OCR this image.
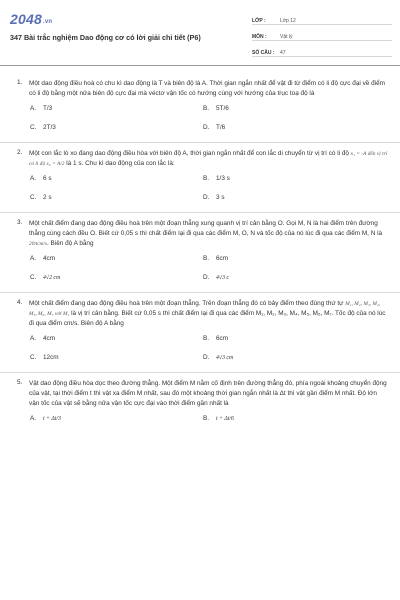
2048.vn
347 Bài trắc nghiệm Dao động cơ có lời giải chi tiết (P6)
LỚP :	Lớp 12
MÔN :	Vật lý
SỐ CÂU :	47
1. Một dao động điều hoà có chu kì dao động là T và biên độ là A. Thời gian ngắn nhất để vật đi từ điểm có li độ cực đại về điểm có li độ bằng một nửa biên độ cực đại mà véctơ vận tốc có hướng cùng với hướng của trục toạ độ là
A. T/3	B. 5T/6
C. 2T/3	D. T/6
2. Một con lắc lò xo đang dao động điều hòa với biên độ A, thời gian ngắn nhất để con lắc di chuyển từ vị trí có li độ x₁ = -A đến vị trí có li độ x₂ = A/2 là 1 s. Chu kì dao động của con lắc là:
A. 6 s	B. 1/3 s
C. 2 s	D. 3 s
3. Một chất điểm đang dao động điều hoà trên một đoạn thẳng xung quanh vị trí cân bằng O. Gọi M, N là hai điểm trên đường thẳng cùng cách đều O. Biết cứ 0,05 s thì chất điểm lại đi qua các điểm M, O, N và tốc độ của nó lúc đi qua các điểm M, N là 20πcm/s. Biên độ A bằng
A. 4cm	B. 6cm
C. 4√2 cm	D. 4√3 c
4. Một chất điểm đang dao động điều hoà trên một đoạn thẳng. Trên đoạn thẳng đó có bảy điểm theo đúng thứ tự M₁, M₂, M₃, M₄, M₅, M₆, M₇ với M₄ là vị trí cân bằng. Biết cứ 0,05 s thì chất điểm lại đi qua các điểm M₁, M₂, M₃, M₄, M₅, M₆, M₇. Tốc độ của nó lúc đi qua điểm cm/s. Biên độ A bằng
A. 4cm	B. 6cm
C. 12cm	D. 4√3 cm
5. Vật dao động điều hòa dọc theo đường thẳng. Một điểm M nằm cố định trên đường thẳng đó, phía ngoài khoảng chuyển động của vật, tại thời điểm t thì vật xa điểm M nhất, sau đó một khoảng thời gian ngắn nhất là Δt thì vật gần điểm M nhất. Độ lớn vận tốc của vật sẽ bằng nửa vận tốc cực đại vào thời điểm gần nhất là
A. t + Δt/3	B. t + Δt/6
